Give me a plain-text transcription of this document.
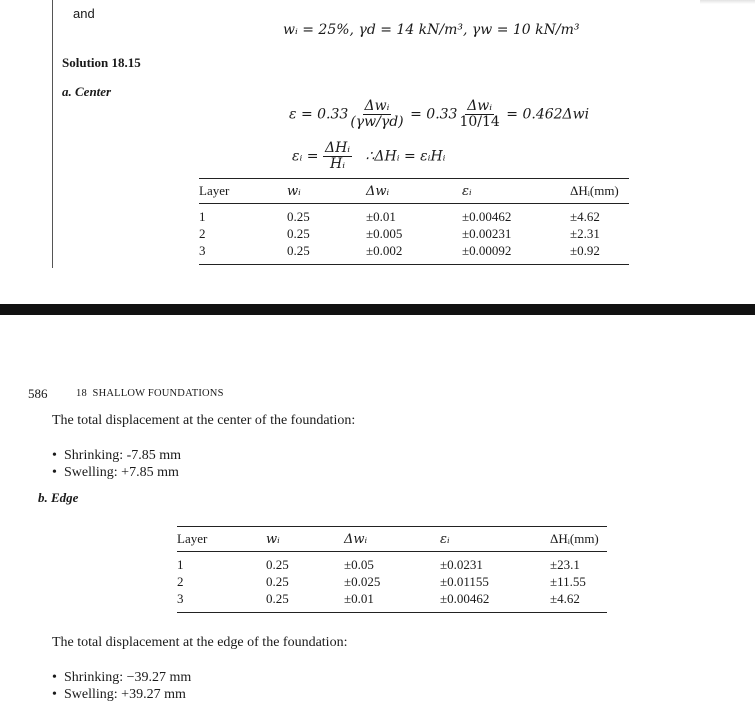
and
wᵢ = 25%, γd = 14 kN/m³, γw = 10 kN/m³
Solution 18.15
a. Center
$\varepsilon = 0.33 \frac{\text{Δwᵢ}}{(\gamma w/\gamma d)} = 0.33 \frac{\text{Δwᵢ}}{10/14} = 0.462\Delta wi$
εᵢ = $\frac{\text{ΔHᵢ}}{\text{Hᵢ}}$ ∴ΔHᵢ = εᵢHᵢ
Layer	wᵢ	Δwᵢ	εᵢ	ΔHᵢ(mm)
1	0.25	±0.01	±0.00462	±4.62
2	0.25	±0.005	±0.00231	±2.31
3	0.25	±0.002	±0.00092	±0.92
586	18  SHALLOW FOUNDATIONS
The total displacement at the center of the foundation:
• Shrinking: -7.85 mm
• Swelling: +7.85 mm
b. Edge
Layer	wᵢ	Δwᵢ	εᵢ	ΔHᵢ(mm)
1	0.25	±0.05	±0.0231	±23.1
2	0.25	±0.025	±0.01155	±11.55
3	0.25	±0.01	±0.00462	±4.62
The total displacement at the edge of the foundation:
• Shrinking: −39.27 mm
• Swelling: +39.27 mm
